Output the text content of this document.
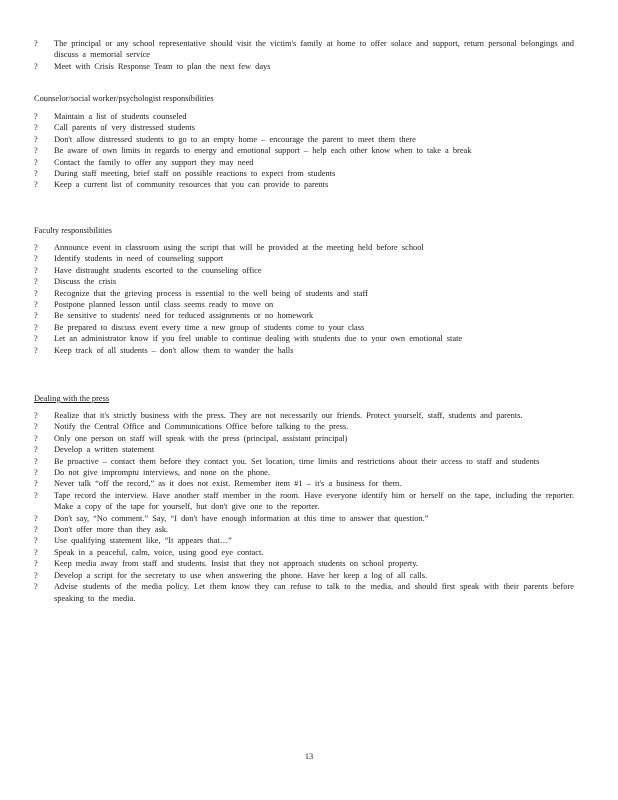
?	The principal or any school representative should visit the victim's family at home to offer solace and support, return personal belongings and discuss a memorial service
?	Meet with Crisis Response Team to plan the next few days

Counselor/social worker/psychologist responsibilities

?	Maintain a list of students counseled
?	Call parents of very distressed students
?	Don't allow distressed students to go to an empty home – encourage the parent to meet them there
?	Be aware of own limits in regards to energy and emotional support – help each other know when to take a break
?	Contact the family to offer any support they may need
?	During staff meeting, brief staff on possible reactions to expect from students
?	Keep a current list of community resources that you can provide to parents

Faculty responsibilities

?	Announce event in classroom using the script that will be provided at the meeting held before school
?	Identify students in need of counseling support
?	Have distraught students escorted to the counseling office
?	Discuss the crisis
?	Recognize that the grieving process is essential to the well being of students and staff
?	Postpone planned lesson until class seems ready to move on
?	Be sensitive to students' need for reduced assignments or no homework
?	Be prepared to discuss event every time a new group of students come to your class
?	Let an administrator know if you feel unable to continue dealing with students due to your own emotional state
?	Keep track of all students – don't allow them to wander the halls

Dealing with the press

?	Realize that it's strictly business with the press. They are not necessarily our friends. Protect yourself, staff, students and parents.
?	Notify the Central Office and Communications Office before talking to the press.
?	Only one person on staff will speak with the press (principal, assistant principal)
?	Develop a written statement
?	Be proactive – contact them before they contact you. Set location, time limits and restrictions about their access to staff and students
?	Do not give impromptu interviews, and none on the phone.
?	Never talk “off the record,” as it does not exist. Remember item #1 – it's a business for them.
?	Tape record the interview. Have another staff member in the room. Have everyone identify him or herself on the tape, including the reporter. Make a copy of the tape for yourself, but don't give one to the reporter.
?	Don't say, “No comment.” Say, “I don't have enough information at this time to answer that question.”
?	Don't offer more than they ask.
?	Use qualifying statement like, “It appears that…”
?	Speak in a peaceful, calm, voice, using good eye contact.
?	Keep media away from staff and students. Insist that they not approach students on school property.
?	Develop a script for the secretary to use when answering the phone. Have her keep a log of all calls.
?	Advise students of the media policy. Let them know they can refuse to talk to the media, and should first speak with their parents before speaking to the media.
13
